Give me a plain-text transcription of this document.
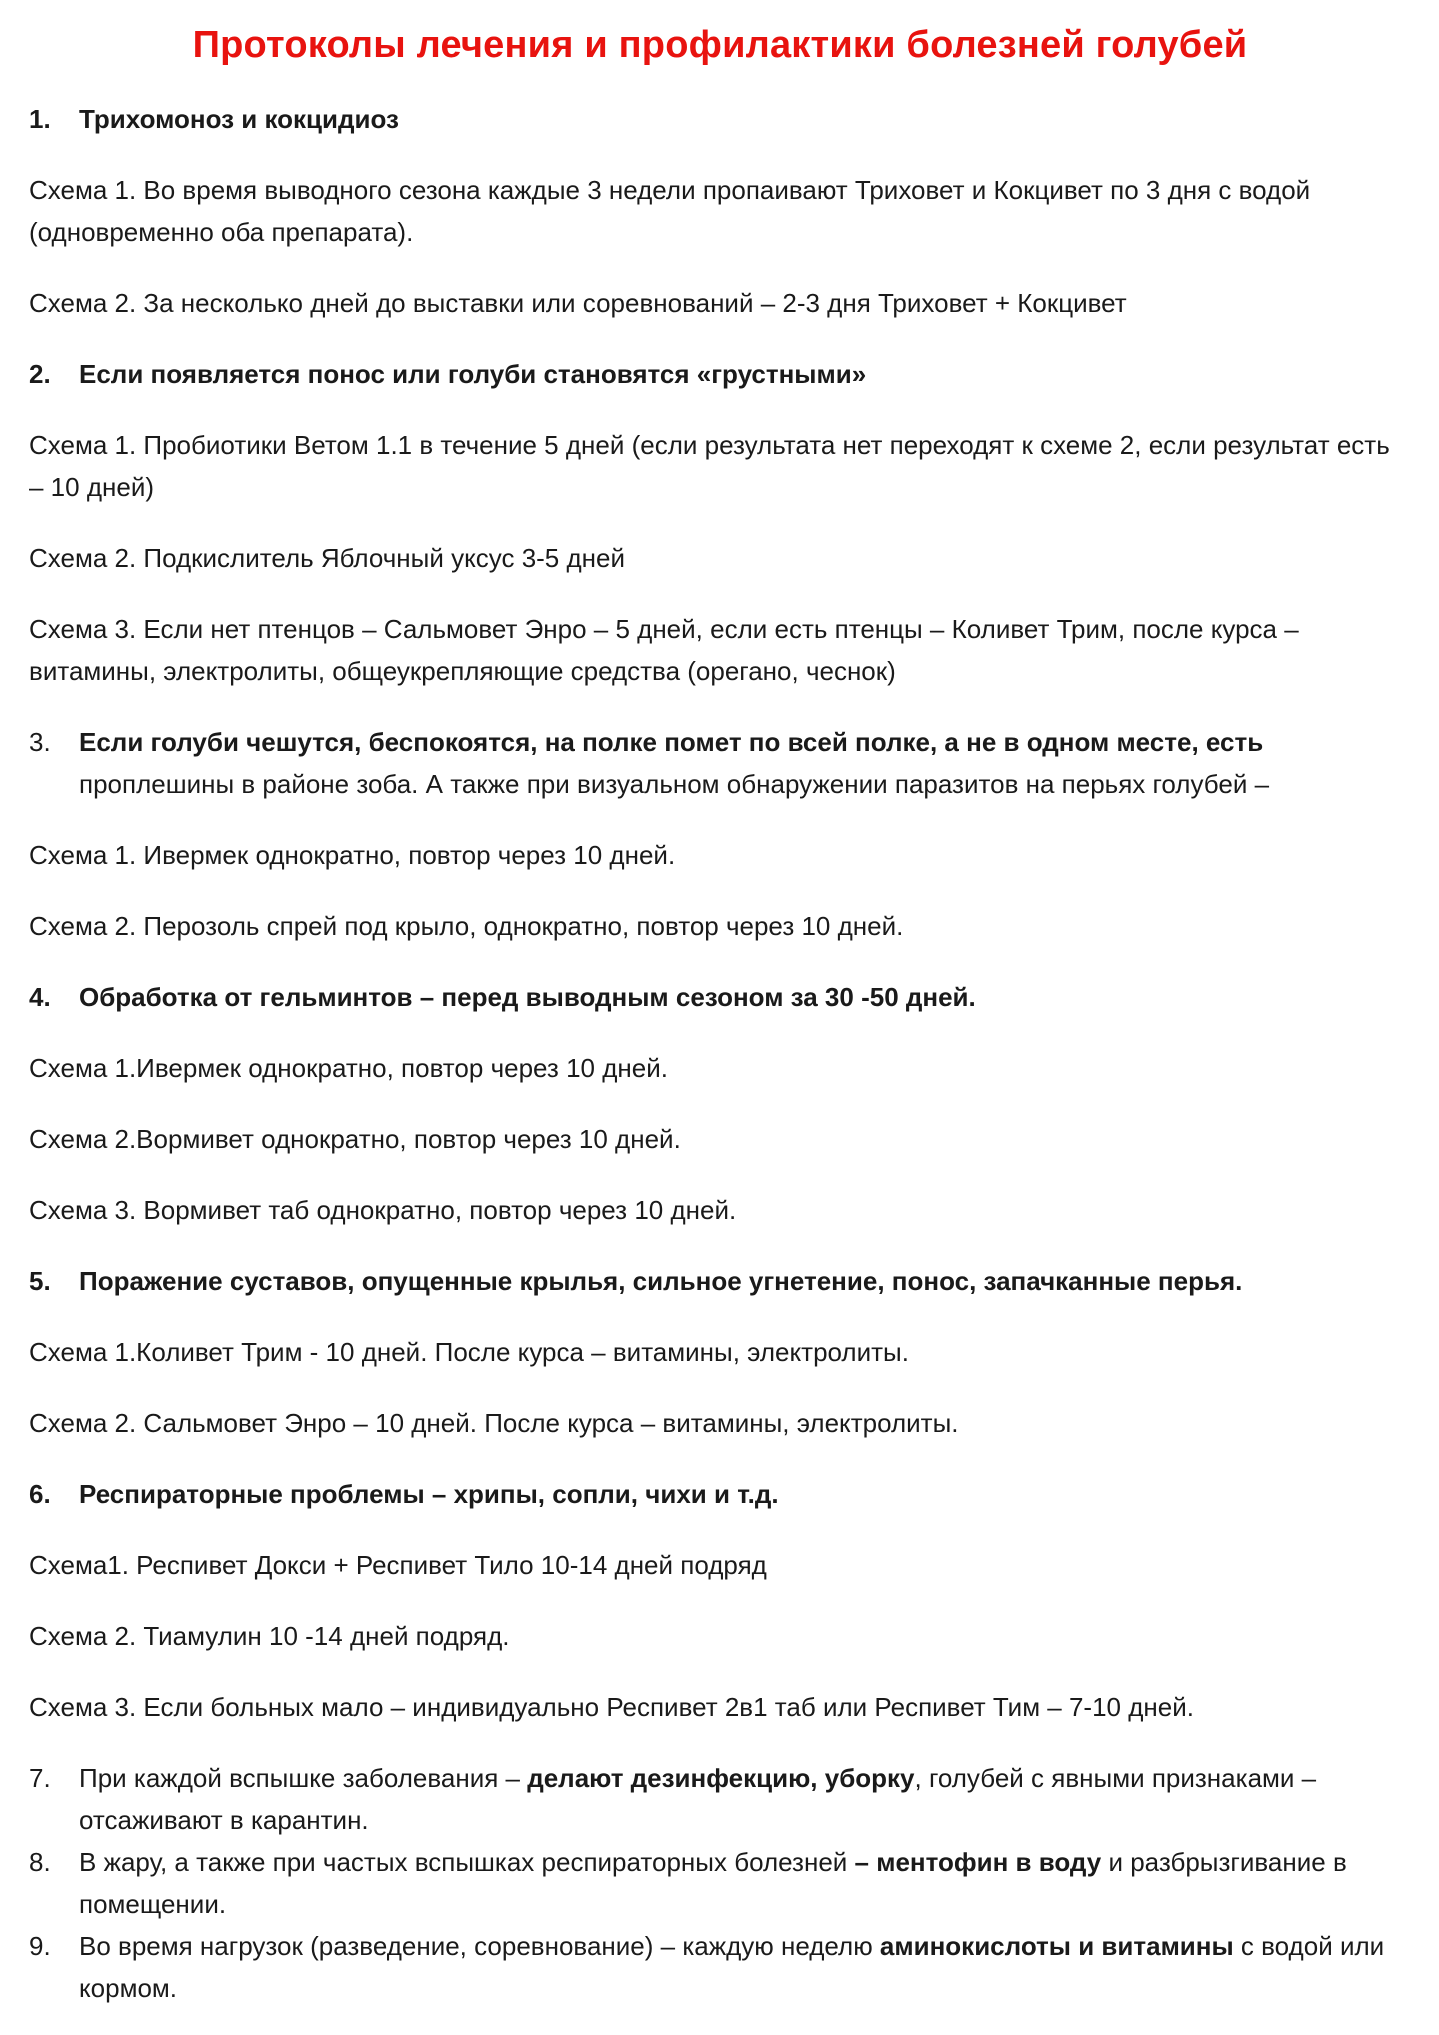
Протоколы лечения и профилактики болезней голубей

1. Трихомоноз и кокцидиоз

Схема 1. Во время выводного сезона каждые 3 недели пропаивают Триховет и Кокцивет по 3 дня с водой (одновременно оба препарата).

Схема 2. За несколько дней до выставки или соревнований – 2-3 дня Триховет + Кокцивет

2. Если появляется понос или голуби становятся «грустными»

Схема 1. Пробиотики Ветом 1.1 в течение 5 дней (если результата нет переходят к схеме 2, если результат есть – 10 дней)

Схема 2. Подкислитель Яблочный уксус 3-5 дней

Схема 3. Если нет птенцов – Сальмовет Энро – 5 дней, если есть птенцы – Коливет Трим, после курса – витамины, электролиты, общеукрепляющие средства (орегано, чеснок)

3. Если голуби чешутся, беспокоятся, на полке помет по всей полке, а не в одном месте, есть проплешины в районе зоба. А также при визуальном обнаружении паразитов на перьях голубей –

Схема 1. Ивермек однократно, повтор через 10 дней.

Схема 2. Перозоль спрей под крыло, однократно, повтор через 10 дней.

4. Обработка от гельминтов – перед выводным сезоном за 30 -50 дней.

Схема 1.Ивермек однократно, повтор через 10 дней.

Схема 2.Вормивет однократно, повтор через 10 дней.

Схема 3. Вормивет таб однократно, повтор через 10 дней.

5. Поражение суставов, опущенные крылья, сильное угнетение, понос, запачканные перья.

Схема 1.Коливет Трим - 10 дней. После курса – витамины, электролиты.

Схема 2. Сальмовет Энро – 10 дней. После курса – витамины, электролиты.

6. Респираторные проблемы – хрипы, сопли, чихи и т.д.

Схема1. Респивет Докси + Респивет Тило 10-14 дней подряд

Схема 2. Тиамулин 10 -14 дней подряд.

Схема 3. Если больных мало – индивидуально Респивет 2в1 таб или Респивет Тим – 7-10 дней.

7. При каждой вспышке заболевания – делают дезинфекцию, уборку, голубей с явными признаками – отсаживают в карантин.

8. В жару, а также при частых вспышках респираторных болезней – ментофин в воду и разбрызгивание в помещении.

9. Во время нагрузок (разведение, соревнование) – каждую неделю аминокислоты и витамины с водой или кормом.
